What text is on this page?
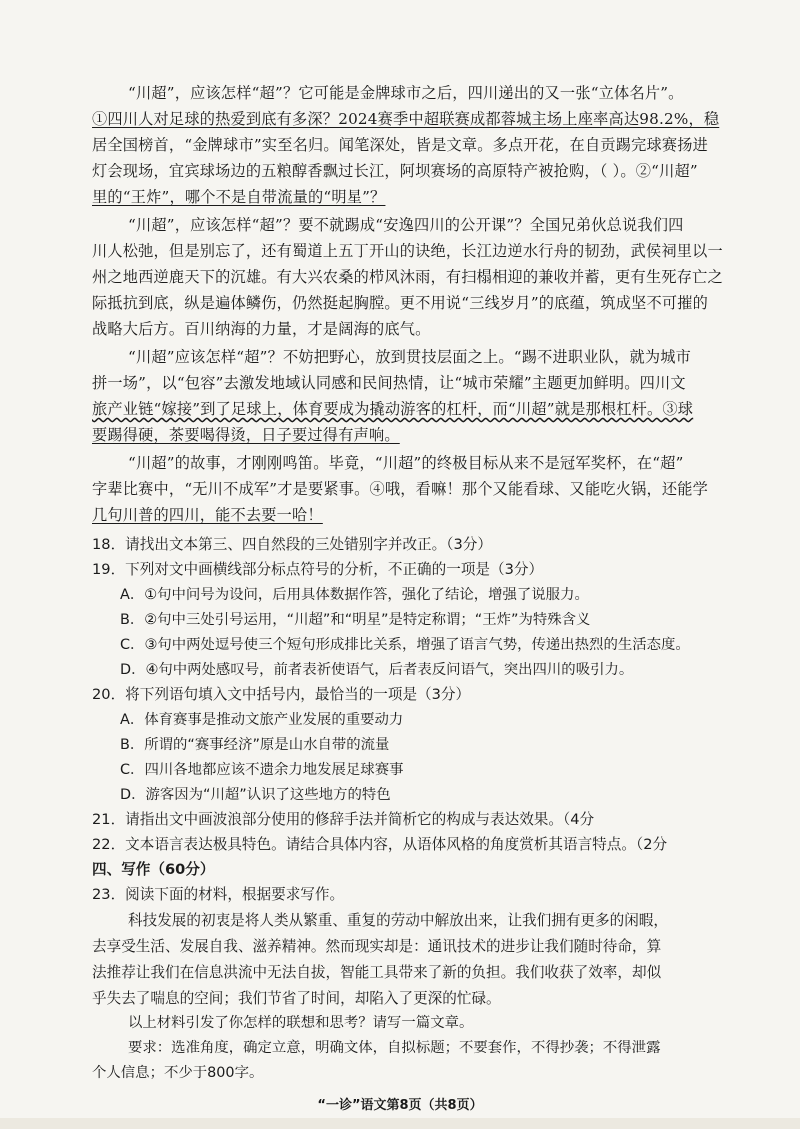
“川超”，应该怎样“超”？它可能是金牌球市之后，四川递出的又一张“立体名片”。
①四川人对足球的热爱到底有多深？2024赛季中超联赛成都蓉城主场上座率高达98.2%，稳
居全国榜首，“金牌球市”实至名归。闻笔深处，皆是文章。多点开花，在自贡踢完球赛扬进
灯会现场，宜宾球场边的五粮醇香飘过长江，阿坝赛场的高原特产被抢购，（ ）。②“川超”
里的“王炸”，哪个不是自带流量的“明星”？
“川超”，应该怎样“超”？要不就踢成“安逸四川的公开课”？全国兄弟伙总说我们四
川人松弛，但是别忘了，还有蜀道上五丁开山的诀绝，长江边逆水行舟的韧劲，武侯祠里以一
州之地西逆鹿天下的沉雄。有大兴农桑的栉风沐雨，有扫榻相迎的兼收并蓄，更有生死存亡之
际抵抗到底，纵是遍体鳞伤，仍然挺起胸膛。更不用说“三线岁月”的底蕴，筑成坚不可摧的
战略大后方。百川纳海的力量，才是阔海的底气。
“川超”应该怎样“超”？不妨把野心，放到贯技层面之上。“踢不进职业队，就为城市
拼一场”，以“包容”去激发地域认同感和民间热情，让“城市荣耀”主题更加鲜明。四川文
旅产业链“嫁接”到了足球上，体育要成为撬动游客的杠杆，而“川超”就是那根杠杆。③球
要踢得硬，茶要喝得烫，日子要过得有声响。
“川超”的故事，才刚刚鸣笛。毕竟，“川超”的终极目标从来不是冠军奖杯，在“超”
字辈比赛中，“无川不成军”才是要紧事。④哦，看嘛！那个又能看球、又能吃火锅，还能学
几句川普的四川，能不去要一哈！
18．请找出文本第三、四自然段的三处错别字并改正。（3分）
19．下列对文中画横线部分标点符号的分析，不正确的一项是（3分）
A．①句中问号为设问，后用具体数据作答，强化了结论，增强了说服力。
B．②句中三处引号运用，“川超”和“明星”是特定称谓；“王炸”为特殊含义
C．③句中两处逗号使三个短句形成排比关系，增强了语言气势，传递出热烈的生活态度。
D．④句中两处感叹号，前者表祈使语气，后者表反问语气，突出四川的吸引力。
20．将下列语句填入文中括号内，最恰当的一项是（3分）
A．体育赛事是推动文旅产业发展的重要动力
B．所谓的“赛事经济”原是山水自带的流量
C．四川各地都应该不遗余力地发展足球赛事
D．游客因为“川超”认识了这些地方的特色
21．请指出文中画波浪部分使用的修辞手法并简析它的构成与表达效果。（4分
22．文本语言表达极具特色。请结合具体内容，从语体风格的角度赏析其语言特点。（2分
四、写作（60分）
23．阅读下面的材料，根据要求写作。
科技发展的初衷是将人类从繁重、重复的劳动中解放出来，让我们拥有更多的闲暇，
去享受生活、发展自我、滋养精神。然而现实却是：通讯技术的进步让我们随时待命，算
法推荐让我们在信息洪流中无法自拔，智能工具带来了新的负担。我们收获了效率，却似
乎失去了喘息的空间；我们节省了时间，却陷入了更深的忙碌。
以上材料引发了你怎样的联想和思考？请写一篇文章。
“一诊”语文第8页（共8页）
要求：选准角度，确定立意，明确文体，自拟标题；不要套作，不得抄袭；不得泄露
个人信息；不少于800字。
